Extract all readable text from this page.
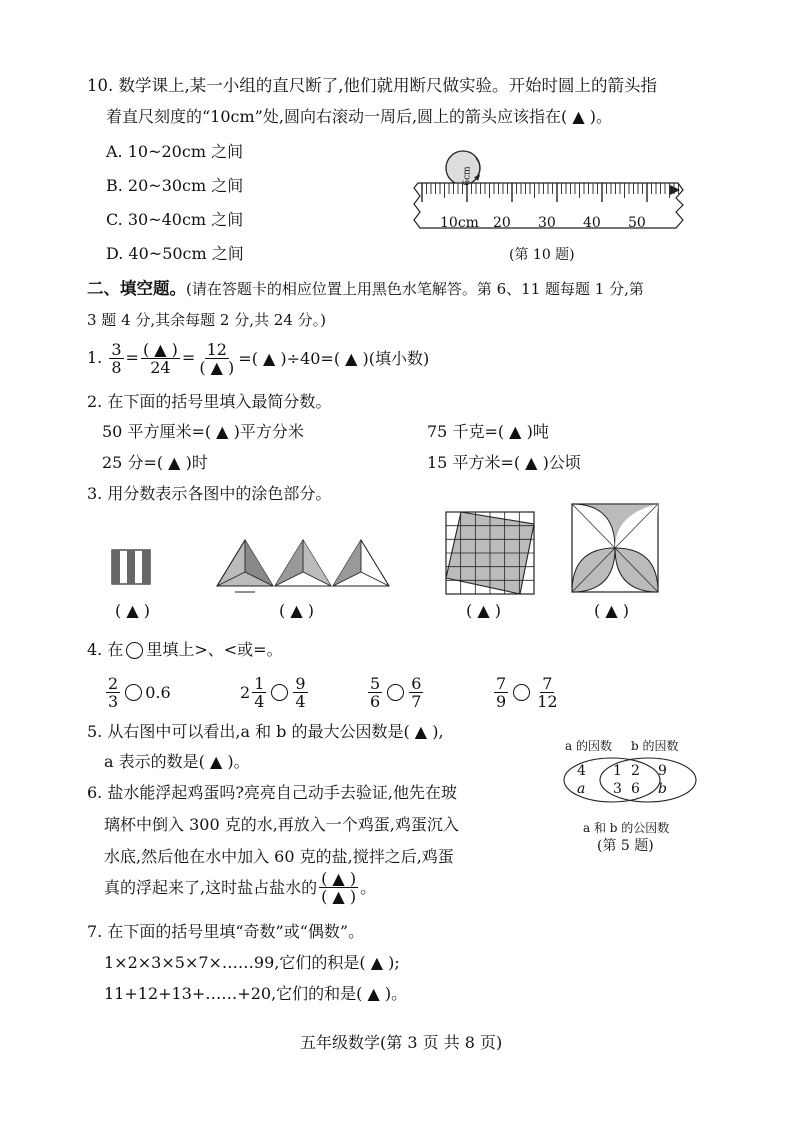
10. 数学课上,某一小组的直尺断了,他们就用断尺做实验。开始时圆上的箭头指
着直尺刻度的“10cm”处,圆向右滚动一周后,圆上的箭头应该指在( ▲ )。
A. 10~20cm 之间
B. 20~30cm 之间
C. 30~40cm 之间
D. 40~50cm 之间
6cm
10cm 20 30 40 50
(第 10 题)
二、填空题。(请在答题卡的相应位置上用黑色水笔解答。第 6、11 题每题 1 分,第
3 题 4 分,其余每题 2 分,共 24 分。)
1. $\frac{3}{8} = \frac{( ▲ )}{24} = \frac{12}{( ▲ )}$ =( ▲ )÷40=( ▲ )(填小数)
2. 在下面的括号里填入最简分数。
50 平方厘米=( ▲ )平方分米	75 千克=( ▲ )吨
25 分=( ▲ )时	15 平方米=( ▲ )公顷
3. 用分数表示各图中的涂色部分。
( ▲ )	( ▲ )	( ▲ )	( ▲ )
4. 在 里填上>、<或=。
$\frac{2}{3} 0.6$	$2 \frac{1}{4} \frac{9}{4}$	$\frac{5}{6} \frac{6}{7}$	$\frac{7}{9} \frac{7}{12}$
5. 从右图中可以看出,a 和 b 的最大公因数是( ▲ ),
a 表示的数是( ▲ )。
a 的因数 b 的因数
4
a
1 2
3 6
9
b
a 和 b 的公因数
(第 5 题)
6. 盐水能浮起鸡蛋吗?亮亮自己动手去验证,他先在玻
璃杯中倒入 300 克的水,再放入一个鸡蛋,鸡蛋沉入
水底,然后他在水中加入 60 克的盐,搅拌之后,鸡蛋
真的浮起来了,这时盐占盐水的 $\frac{( ▲ )}{( ▲ )}$ 。
7. 在下面的括号里填“奇数”或“偶数”。
1×2×3×5×7×……99,它们的积是( ▲ );
11+12+13+……+20,它们的和是( ▲ )。
五年级数学(第 3 页 共 8 页)
